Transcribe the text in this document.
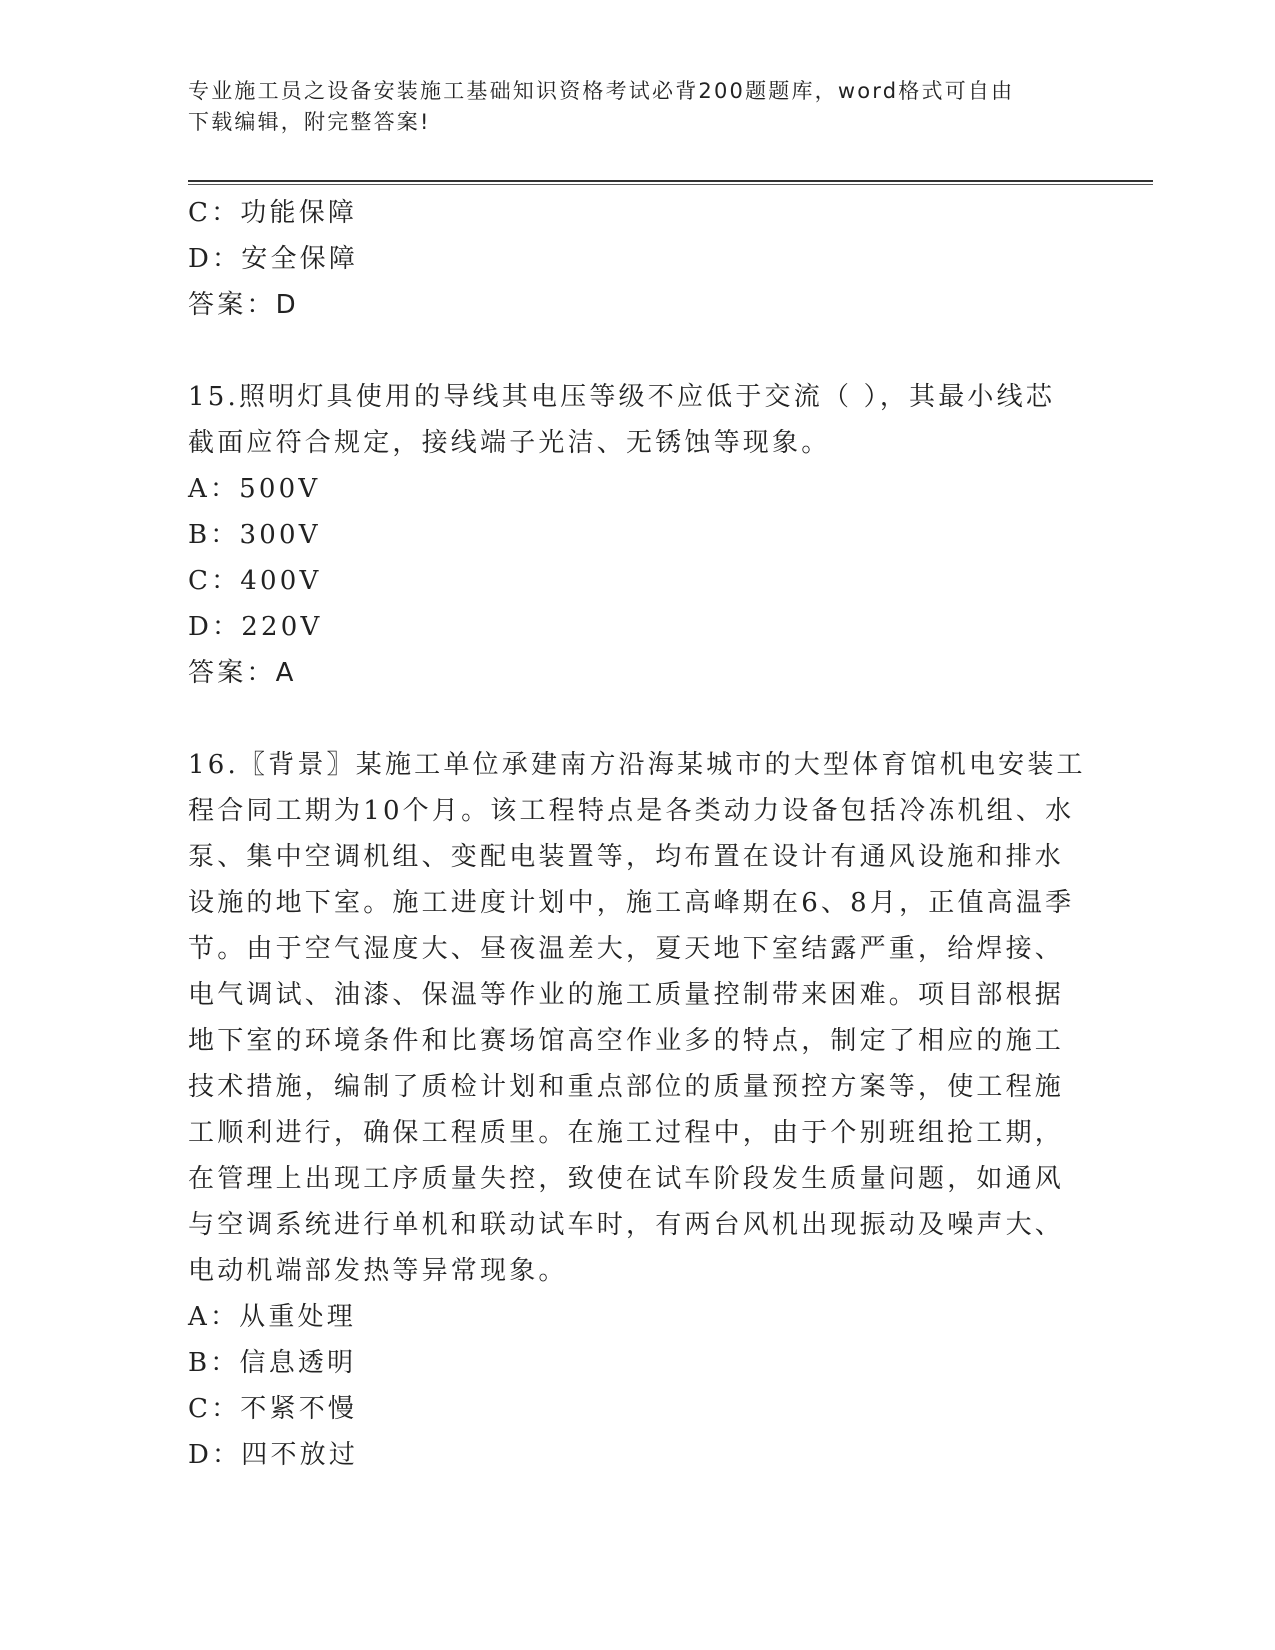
专业施工员之设备安装施工基础知识资格考试必背200题题库，word格式可自由
下载编辑，附完整答案!
C：功能保障
D：安全保障
答案：D
15.照明灯具使用的导线其电压等级不应低于交流（ ），其最小线芯
截面应符合规定，接线端子光洁、无锈蚀等现象。
A：500V
B：300V
C：400V
D：220V
答案：A
16.〖背景〗某施工单位承建南方沿海某城市的大型体育馆机电安装工
程合同工期为10个月。该工程特点是各类动力设备包括冷冻机组、水
泵、集中空调机组、变配电装置等，均布置在设计有通风设施和排水
设施的地下室。施工进度计划中，施工高峰期在6、8月，正值高温季
节。由于空气湿度大、昼夜温差大，夏天地下室结露严重，给焊接、
电气调试、油漆、保温等作业的施工质量控制带来困难。项目部根据
地下室的环境条件和比赛场馆高空作业多的特点，制定了相应的施工
技术措施，编制了质检计划和重点部位的质量预控方案等，使工程施
工顺利进行，确保工程质里。在施工过程中，由于个别班组抢工期，
在管理上出现工序质量失控，致使在试车阶段发生质量问题，如通风
与空调系统进行单机和联动试车时，有两台风机出现振动及噪声大、
电动机端部发热等异常现象。
A：从重处理
B：信息透明
C：不紧不慢
D：四不放过
